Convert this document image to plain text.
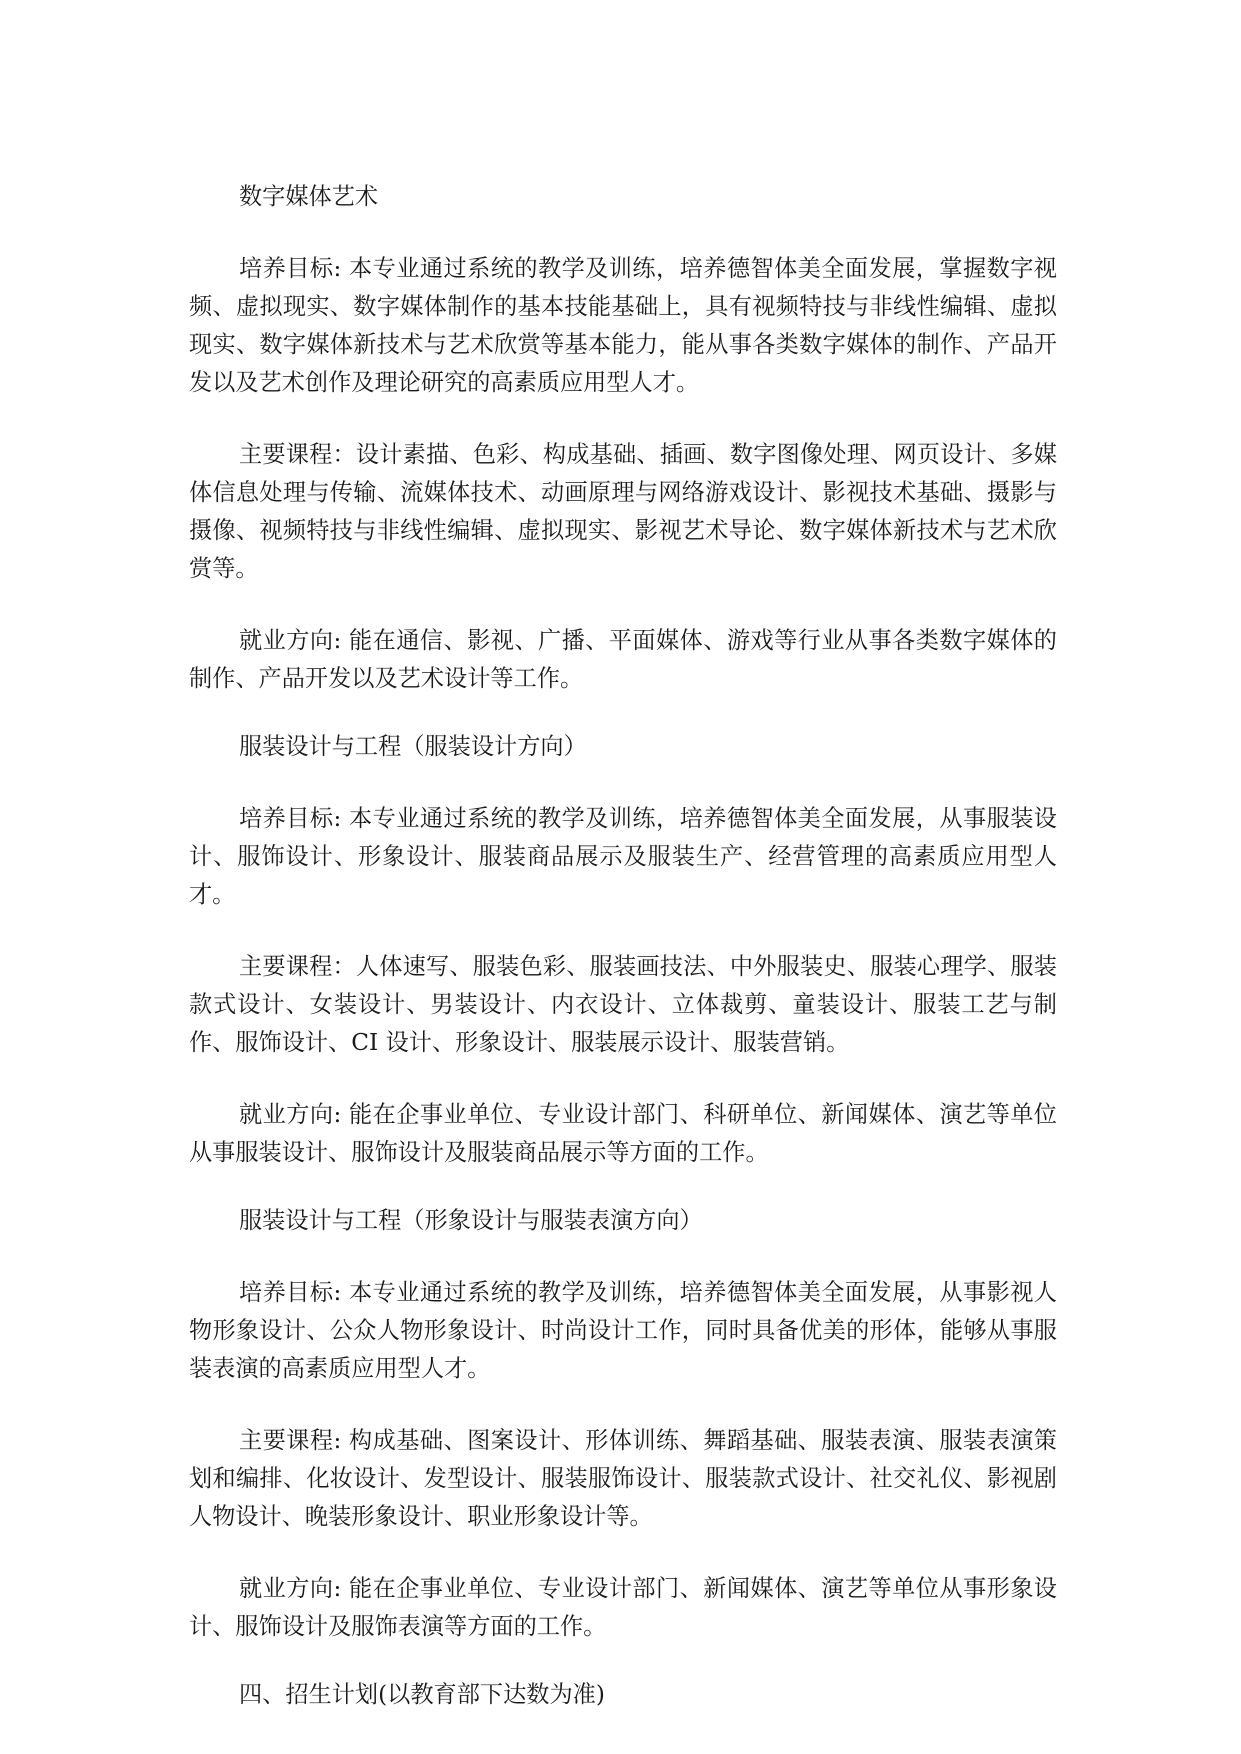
数字媒体艺术

培养目标: 本专业通过系统的教学及训练，培养德智体美全面发展，掌握数字视频、虚拟现实、数字媒体制作的基本技能基础上，具有视频特技与非线性编辑、虚拟现实、数字媒体新技术与艺术欣赏等基本能力，能从事各类数字媒体的制作、产品开发以及艺术创作及理论研究的高素质应用型人才。

主要课程：设计素描、色彩、构成基础、插画、数字图像处理、网页设计、多媒体信息处理与传输、流媒体技术、动画原理与网络游戏设计、影视技术基础、摄影与摄像、视频特技与非线性编辑、虚拟现实、影视艺术导论、数字媒体新技术与艺术欣赏等。

就业方向: 能在通信、影视、广播、平面媒体、游戏等行业从事各类数字媒体的制作、产品开发以及艺术设计等工作。

服装设计与工程（服装设计方向）

培养目标: 本专业通过系统的教学及训练，培养德智体美全面发展，从事服装设计、服饰设计、形象设计、服装商品展示及服装生产、经营管理的高素质应用型人才。

主要课程：人体速写、服装色彩、服装画技法、中外服装史、服装心理学、服装款式设计、女装设计、男装设计、内衣设计、立体裁剪、童装设计、服装工艺与制作、服饰设计、CI 设计、形象设计、服装展示设计、服装营销。

就业方向: 能在企事业单位、专业设计部门、科研单位、新闻媒体、演艺等单位从事服装设计、服饰设计及服装商品展示等方面的工作。

服装设计与工程（形象设计与服装表演方向）

培养目标: 本专业通过系统的教学及训练，培养德智体美全面发展，从事影视人物形象设计、公众人物形象设计、时尚设计工作，同时具备优美的形体，能够从事服装表演的高素质应用型人才。

主要课程: 构成基础、图案设计、形体训练、舞蹈基础、服装表演、服装表演策划和编排、化妆设计、发型设计、服装服饰设计、服装款式设计、社交礼仪、影视剧人物设计、晚装形象设计、职业形象设计等。

就业方向: 能在企事业单位、专业设计部门、新闻媒体、演艺等单位从事形象设计、服饰设计及服饰表演等方面的工作。

四、招生计划(以教育部下达数为准)
